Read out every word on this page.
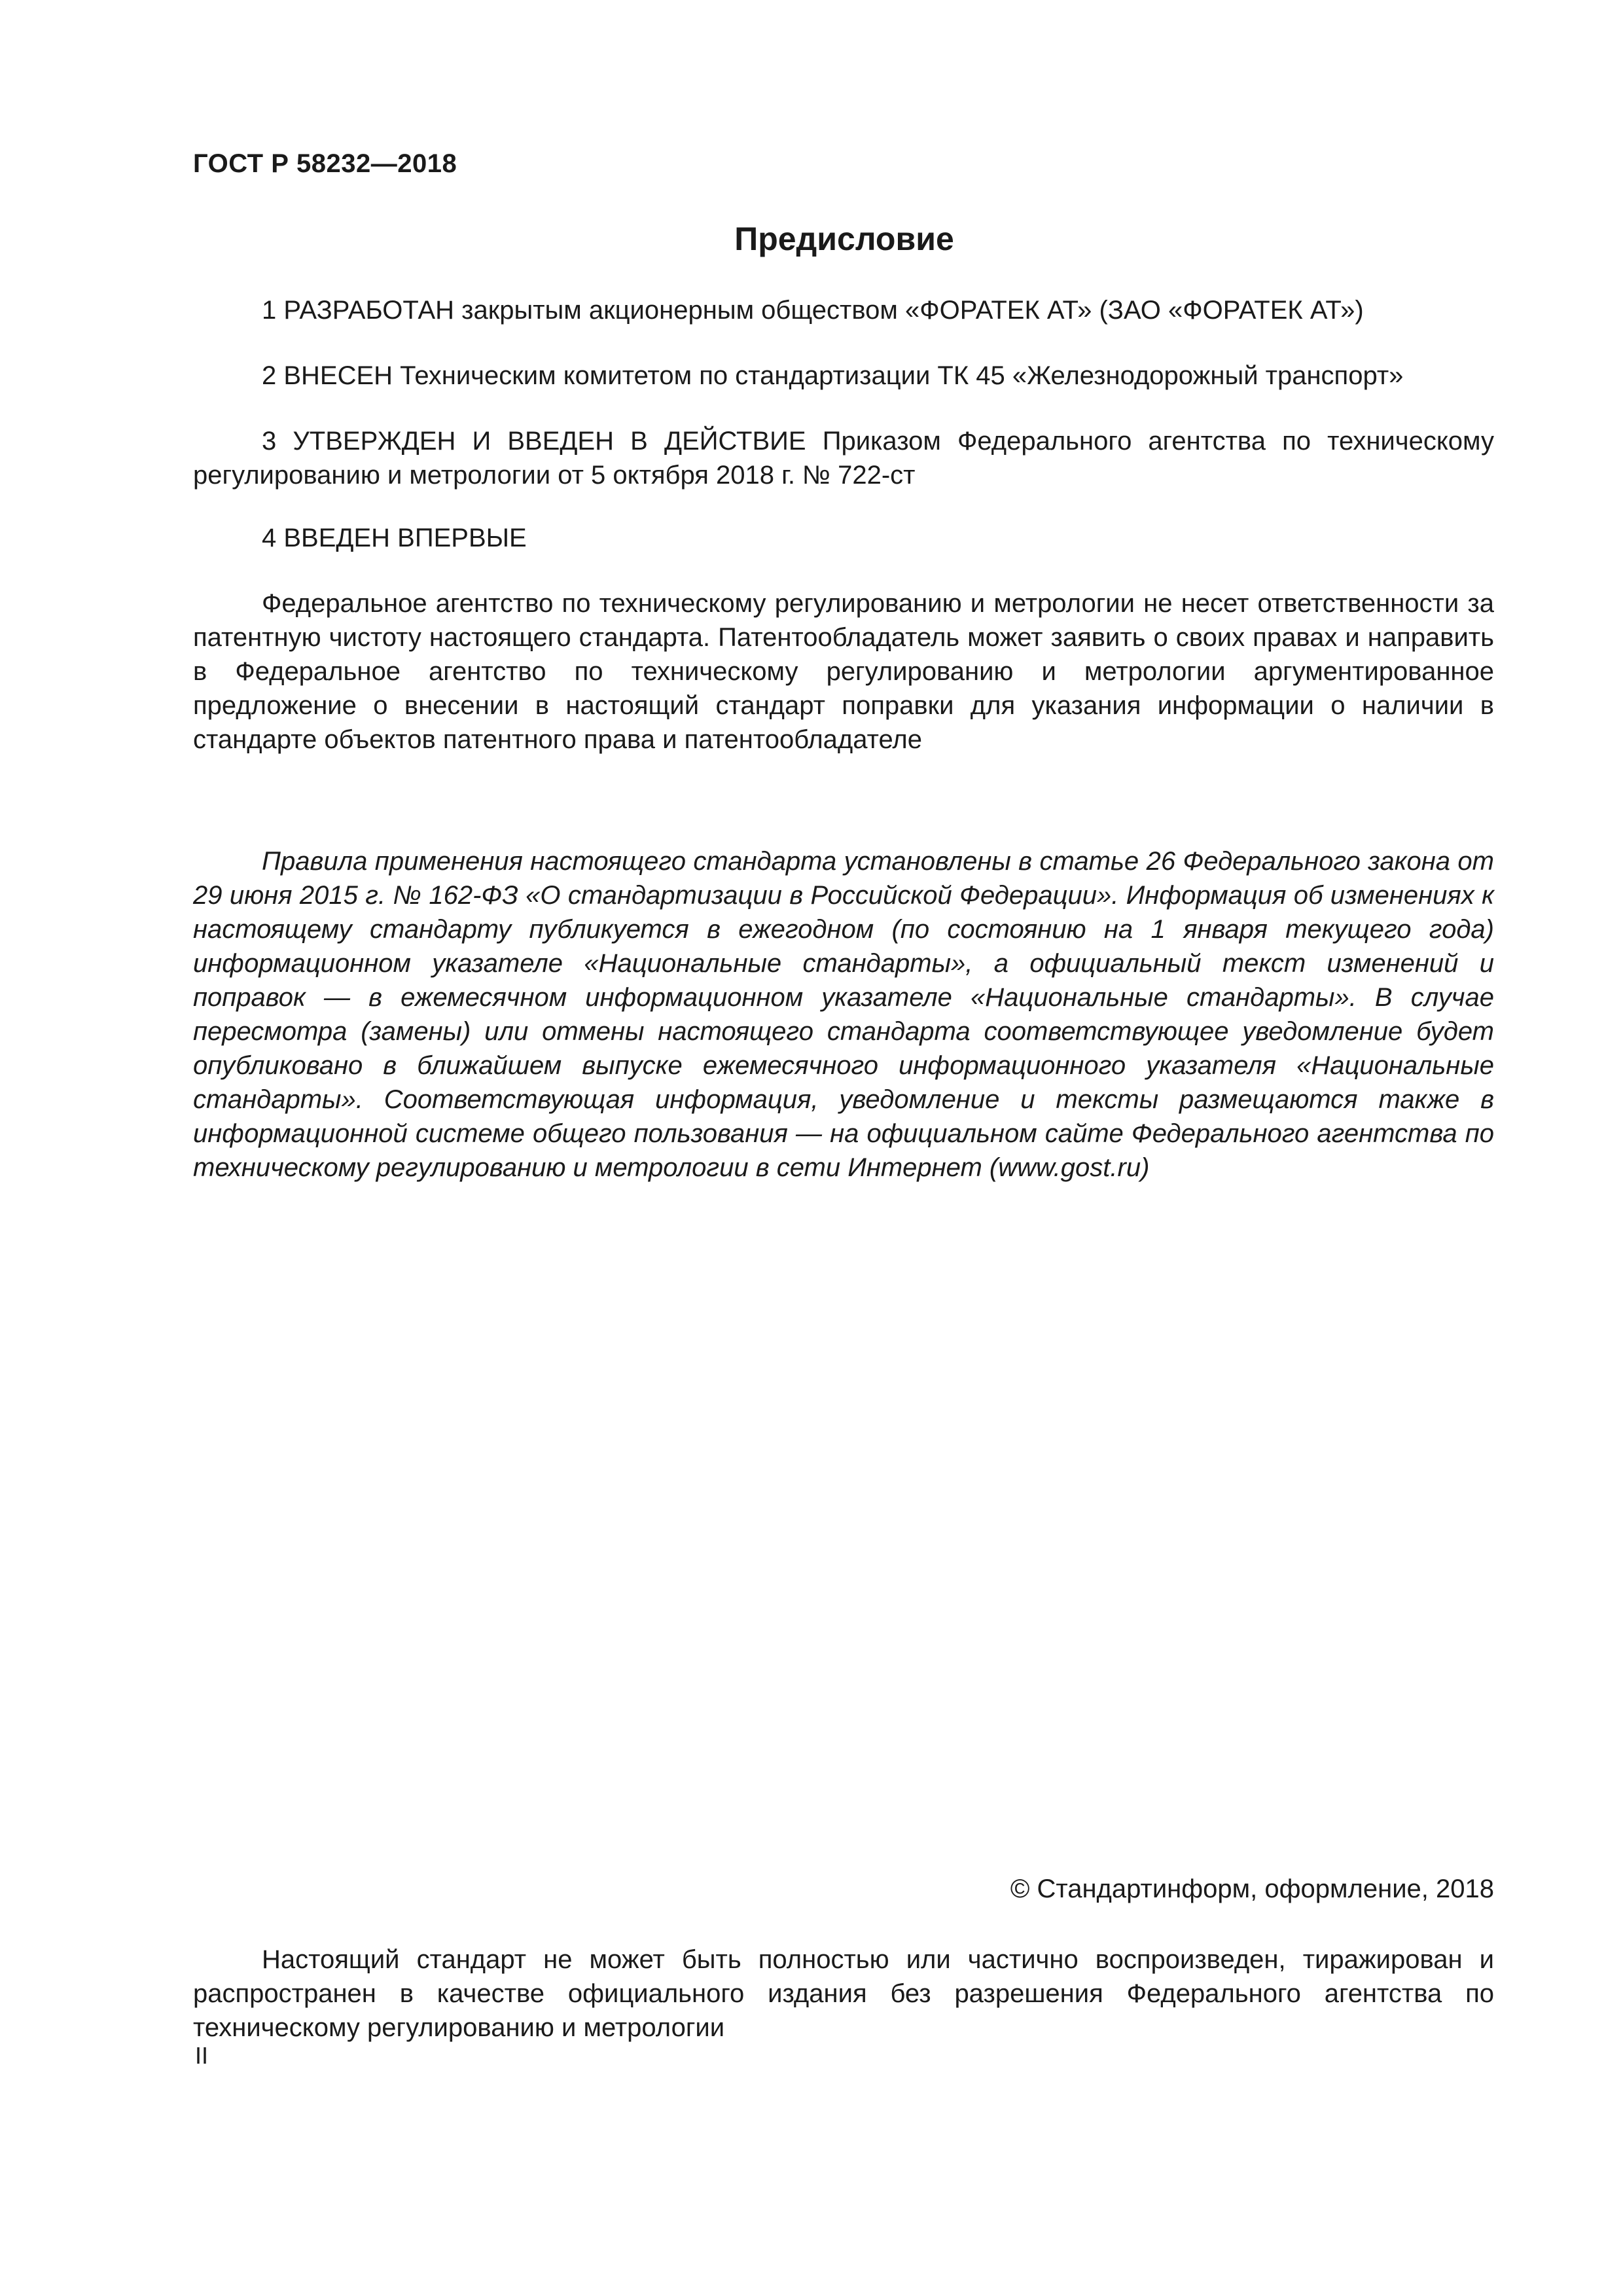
ГОСТ Р 58232—2018
Предисловие

1 РАЗРАБОТАН закрытым акционерным обществом «ФОРАТЕК АТ» (ЗАО «ФОРАТЕК АТ»)

2 ВНЕСЕН Техническим комитетом по стандартизации ТК 45 «Железнодорожный транспорт»

3 УТВЕРЖДЕН И ВВЕДЕН В ДЕЙСТВИЕ Приказом Федерального агентства по техническому регулированию и метрологии от 5 октября 2018 г. № 722-ст

4 ВВЕДЕН ВПЕРВЫЕ

Федеральное агентство по техническому регулированию и метрологии не несет ответственности за патентную чистоту настоящего стандарта. Патентообладатель может заявить о своих правах и направить в Федеральное агентство по техническому регулированию и метрологии аргументированное предложение о внесении в настоящий стандарт поправки для указания информации о наличии в стандарте объектов патентного права и патентообладателе

Правила применения настоящего стандарта установлены в статье 26 Федерального закона от 29 июня 2015 г. № 162-ФЗ «О стандартизации в Российской Федерации». Информация об изменениях к настоящему стандарту публикуется в ежегодном (по состоянию на 1 января текущего года) информационном указателе «Национальные стандарты», а официальный текст изменений и поправок — в ежемесячном информационном указателе «Национальные стандарты». В случае пересмотра (замены) или отмены настоящего стандарта соответствующее уведомление будет опубликовано в ближайшем выпуске ежемесячного информационного указателя «Национальные стандарты». Соответствующая информация, уведомление и тексты размещаются также в информационной системе общего пользования — на официальном сайте Федерального агентства по техническому регулированию и метрологии в сети Интернет (www.gost.ru)

© Стандартинформ, оформление, 2018

Настоящий стандарт не может быть полностью или частично воспроизведен, тиражирован и распространен в качестве официального издания без разрешения Федерального агентства по техническому регулированию и метрологии

II
